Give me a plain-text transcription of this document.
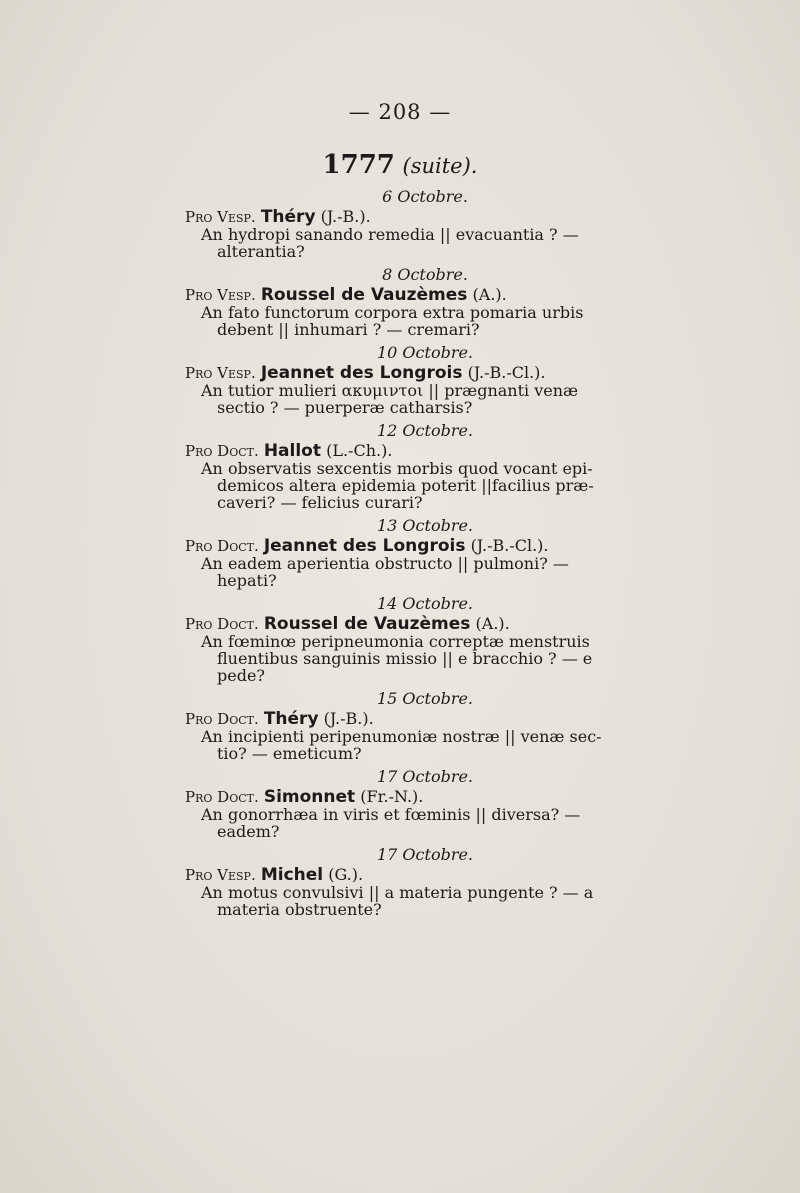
— 208 —
1777 (suite).
6 Octobre.
Pro Vesp. Théry (J.-B.).
An hydropi sanando remedia || evacuantia ? —
alterantia?
8 Octobre.
Pro Vesp. Roussel de Vauzèmes (A.).
An fato functorum corpora extra pomaria urbis
debent || inhumari ? — cremari?
10 Octobre.
Pro Vesp. Jeannet des Longrois (J.-B.-Cl.).
An tutior mulieri ακυμιντοι || prægnanti venæ
sectio ? — puerperæ catharsis?
12 Octobre.
Pro Doct. Hallot (L.-Ch.).
An observatis sexcentis morbis quod vocant epi-
demicos altera epidemia poterit ||facilius præ-
caveri? — felicius curari?
13 Octobre.
Pro Doct. Jeannet des Longrois (J.-B.-Cl.).
An eadem aperientia obstructo || pulmoni? —
hepati?
14 Octobre.
Pro Doct. Roussel de Vauzèmes (A.).
An fœminœ peripneumonia correptæ menstruis
fluentibus sanguinis missio || e bracchio ? — e
pede?
15 Octobre.
Pro Doct. Théry (J.-B.).
An incipienti peripenumoniæ nostræ || venæ sec-
tio? — emeticum?
17 Octobre.
Pro Doct. Simonnet (Fr.-N.).
An gonorrhæa in viris et fœminis || diversa? —
eadem?
17 Octobre.
Pro Vesp. Michel (G.).
An motus convulsivi || a materia pungente ? — a
materia obstruente?
